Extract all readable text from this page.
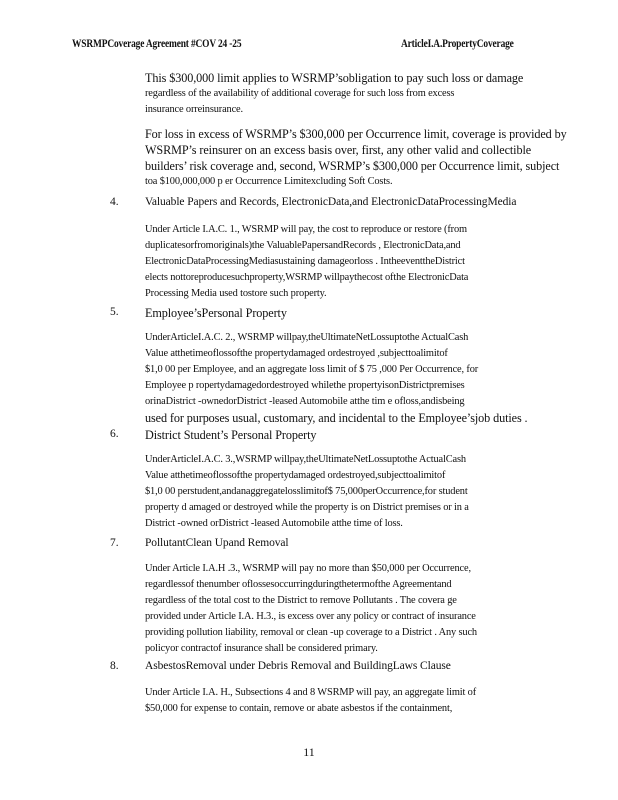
WSRMPCoverage Agreement #COV 24 -25	ArticleI.A.PropertyCoverage
This $300,000 limit applies to WSRMP’sobligation to pay such loss or damage
regardless of the availability of additional coverage for such loss from excess
insurance orreinsurance.
For loss in excess of WSRMP’s $300,000 per Occurrence limit, coverage is provided by
WSRMP’s reinsurer on an excess basis over, first, any other valid and collectible
builders’ risk coverage and, second, WSRMP’s $300,000 per Occurrence limit, subject
toa $100,000,000 p er Occurrence Limitexcluding Soft Costs.
4. Valuable Papers and Records, ElectronicData,and ElectronicDataProcessingMedia
Under Article I.A.C. 1., WSRMP will pay, the cost to reproduce or restore (from
duplicatesorfromoriginals)the ValuablePapersandRecords , ElectronicData,and
ElectronicDataProcessingMediasustaining damageorloss . IntheeventtheDistrict
elects nottoreproducesuchproperty,WSRMP willpaythecost ofthe ElectronicData
Processing Media used tostore such property.
5. Employee’sPersonal Property
UnderArticleI.A.C. 2., WSRMP willpay,theUltimateNetLossuptothe ActualCash
Value atthetimeoflossofthe propertydamaged ordestroyed ,subjecttoalimitof
$1,0 00 per Employee, and an aggregate loss limit of $ 75 ,000 Per Occurrence, for
Employee p ropertydamagedordestroyed whilethe propertyisonDistrictpremises
orinaDistrict -ownedorDistrict -leased Automobile atthe tim e ofloss,andisbeing
used for purposes usual, customary, and incidental to the Employee’sjob duties .
6. District Student’s Personal Property
UnderArticleI.A.C. 3.,WSRMP willpay,theUltimateNetLossuptothe ActualCash
Value atthetimeoflossofthe propertydamaged ordestroyed,subjecttoalimitof
$1,0 00 perstudent,andanaggregatelosslimitof$ 75,000perOccurrence,for student
property d amaged or destroyed while the property is on District premises or in a
District -owned orDistrict -leased Automobile atthe time of loss.
7. PollutantClean Upand Removal
Under Article I.A.H .3., WSRMP will pay no more than $50,000 per Occurrence,
regardlessof thenumber oflossesoccurringduringthetermofthe Agreementand
regardless of the total cost to the District to remove Pollutants . The covera ge
provided under Article I.A. H.3., is excess over any policy or contract of insurance
providing pollution liability, removal or clean -up coverage to a District . Any such
policyor contractof insurance shall be considered primary.
8. AsbestosRemoval under Debris Removal and BuildingLaws Clause
Under Article I.A. H., Subsections 4 and 8 WSRMP will pay, an aggregate limit of
$50,000 for expense to contain, remove or abate asbestos if the containment,
11
